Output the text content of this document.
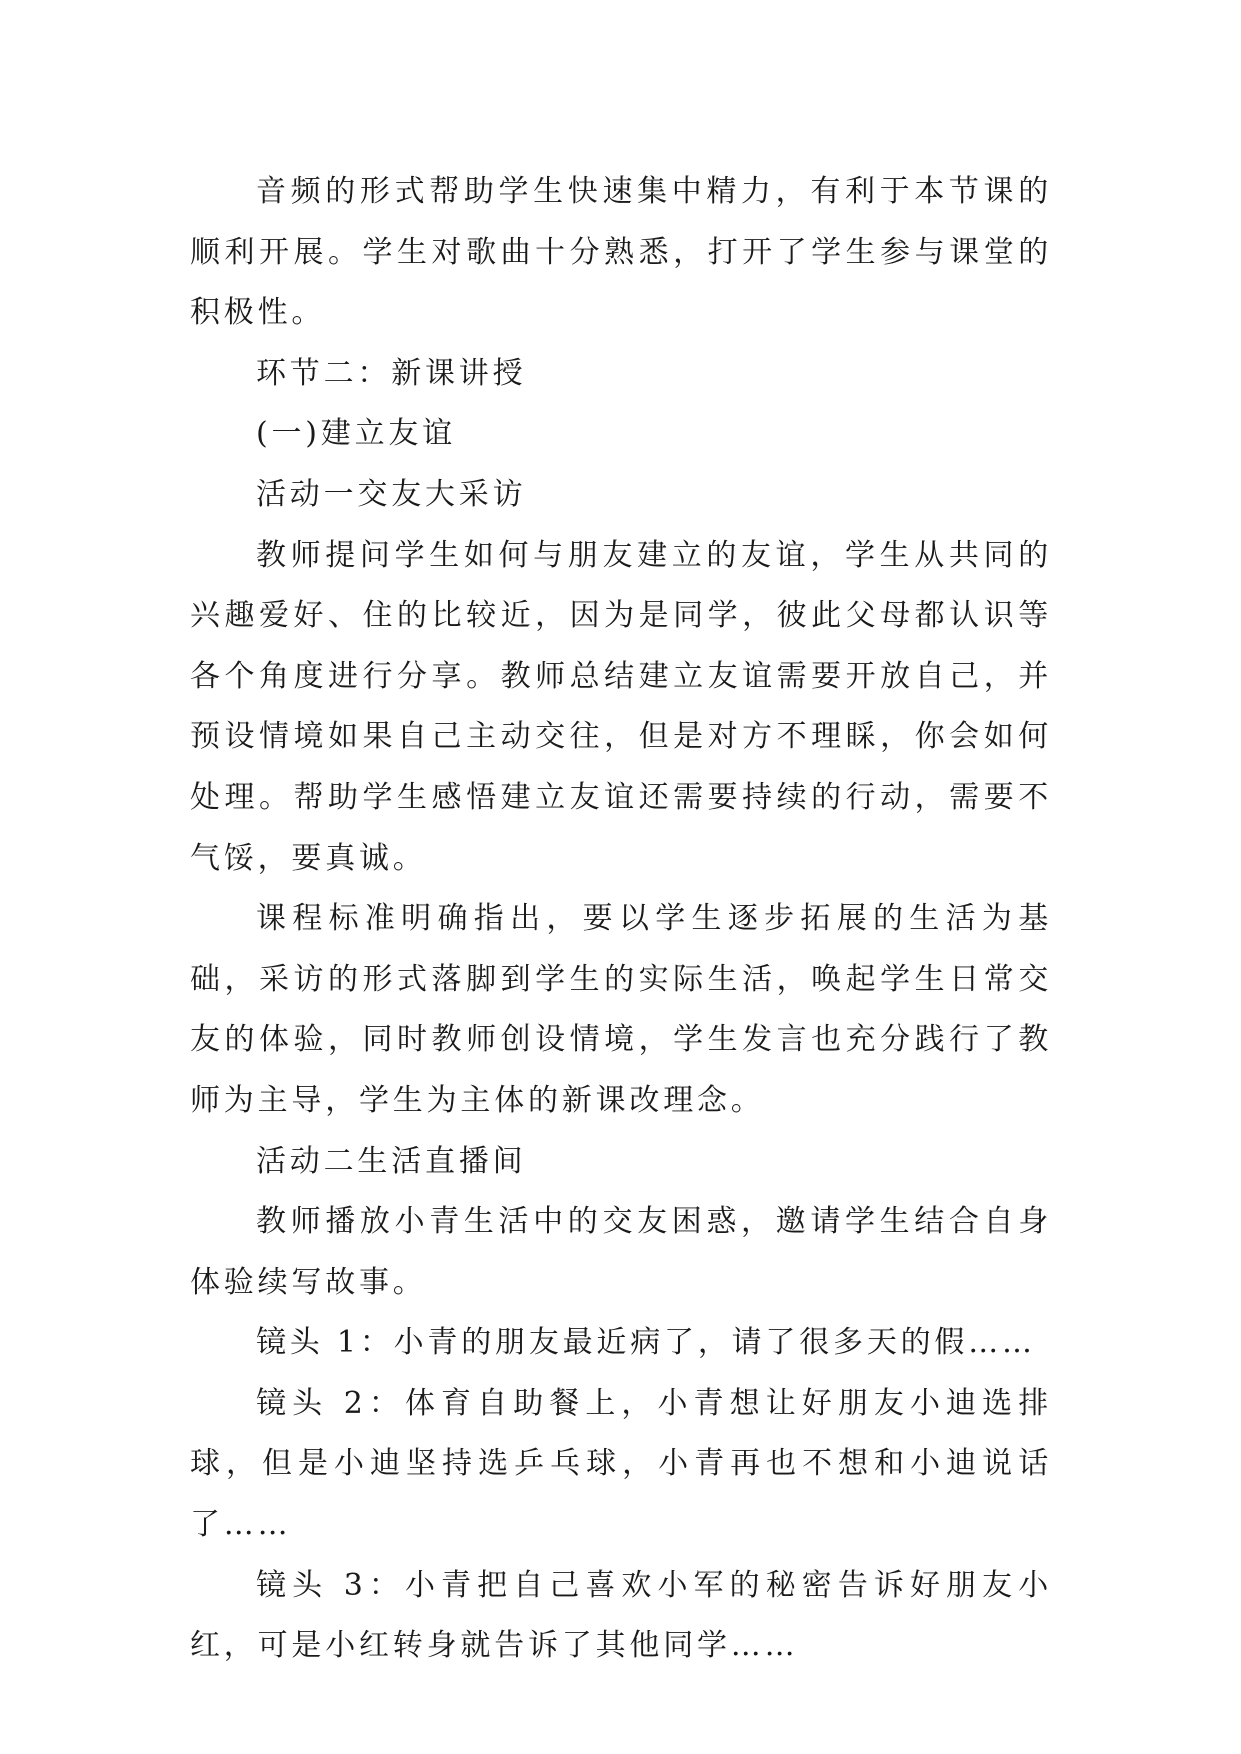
音频的形式帮助学生快速集中精力，有利于本节课的顺利开展。学生对歌曲十分熟悉，打开了学生参与课堂的积极性。

环节二：新课讲授

(一)建立友谊

活动一交友大采访

教师提问学生如何与朋友建立的友谊，学生从共同的兴趣爱好、住的比较近，因为是同学，彼此父母都认识等各个角度进行分享。教师总结建立友谊需要开放自己，并预设情境如果自己主动交往，但是对方不理睬，你会如何处理。帮助学生感悟建立友谊还需要持续的行动，需要不气馁，要真诚。

课程标准明确指出，要以学生逐步拓展的生活为基础，采访的形式落脚到学生的实际生活，唤起学生日常交友的体验，同时教师创设情境，学生发言也充分践行了教师为主导，学生为主体的新课改理念。

活动二生活直播间

教师播放小青生活中的交友困惑，邀请学生结合自身体验续写故事。

镜头 1：小青的朋友最近病了，请了很多天的假……

镜头 2：体育自助餐上，小青想让好朋友小迪选排球，但是小迪坚持选乒乓球，小青再也不想和小迪说话了……

镜头 3：小青把自己喜欢小军的秘密告诉好朋友小红，可是小红转身就告诉了其他同学……
